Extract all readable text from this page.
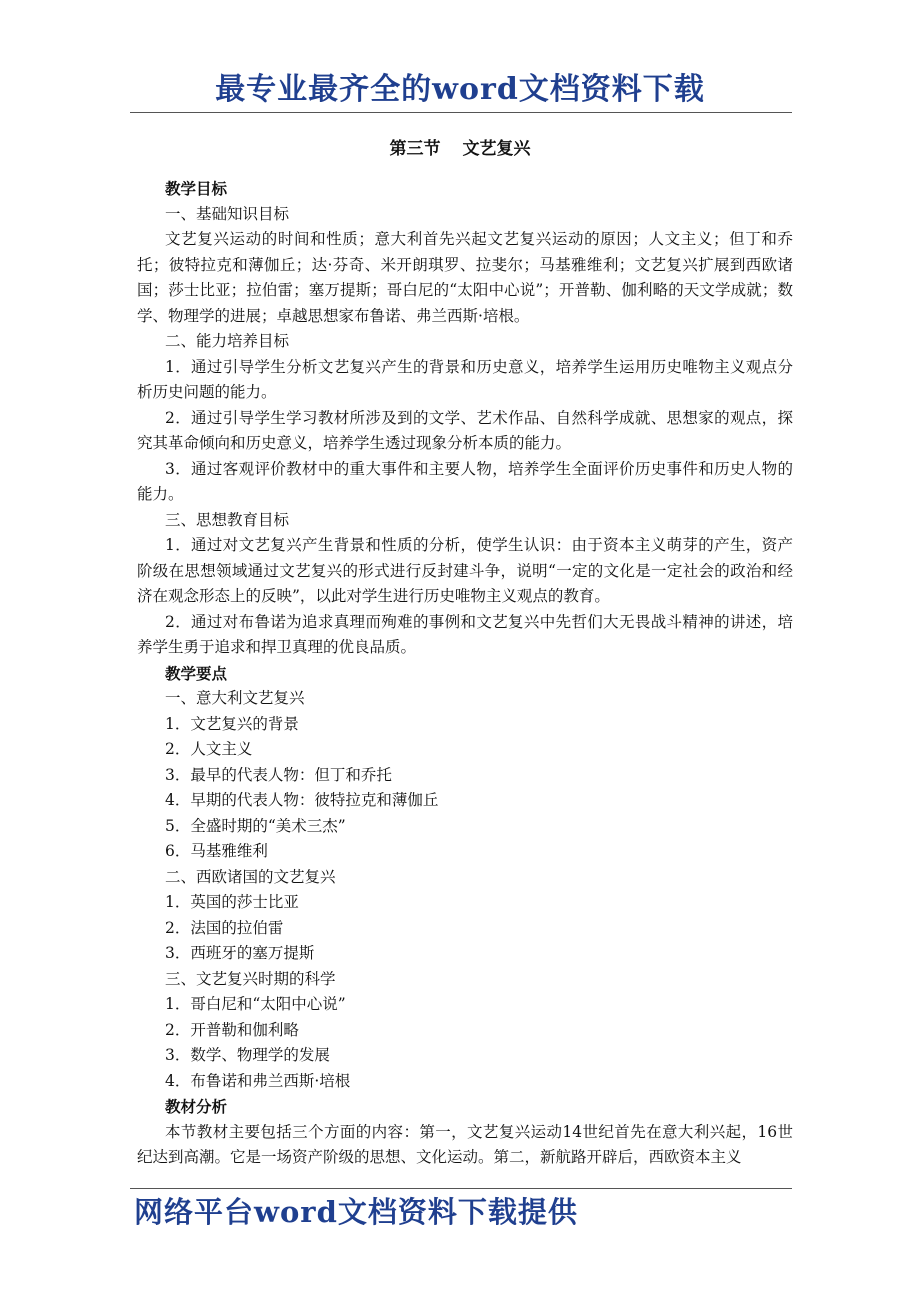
最专业最齐全的word文档资料下载
第三节 文艺复兴

教学目标

一、基础知识目标

文艺复兴运动的时间和性质；意大利首先兴起文艺复兴运动的原因；人文主义；但丁和乔托；彼特拉克和薄伽丘；达·芬奇、米开朗琪罗、拉斐尔；马基雅维利；文艺复兴扩展到西欧诸国；莎士比亚；拉伯雷；塞万提斯；哥白尼的“太阳中心说”；开普勒、伽利略的天文学成就；数学、物理学的进展；卓越思想家布鲁诺、弗兰西斯·培根。

二、能力培养目标

1．通过引导学生分析文艺复兴产生的背景和历史意义，培养学生运用历史唯物主义观点分析历史问题的能力。

2．通过引导学生学习教材所涉及到的文学、艺术作品、自然科学成就、思想家的观点，探究其革命倾向和历史意义，培养学生透过现象分析本质的能力。

3．通过客观评价教材中的重大事件和主要人物，培养学生全面评价历史事件和历史人物的能力。

三、思想教育目标

1．通过对文艺复兴产生背景和性质的分析，使学生认识：由于资本主义萌芽的产生，资产阶级在思想领域通过文艺复兴的形式进行反封建斗争，说明“一定的文化是一定社会的政治和经济在观念形态上的反映”，以此对学生进行历史唯物主义观点的教育。

2．通过对布鲁诺为追求真理而殉难的事例和文艺复兴中先哲们大无畏战斗精神的讲述，培养学生勇于追求和捍卫真理的优良品质。

教学要点

一、意大利文艺复兴

1．文艺复兴的背景

2．人文主义

3．最早的代表人物：但丁和乔托

4．早期的代表人物：彼特拉克和薄伽丘

5．全盛时期的“美术三杰”

6．马基雅维利

二、西欧诸国的文艺复兴

1．英国的莎士比亚

2．法国的拉伯雷

3．西班牙的塞万提斯

三、文艺复兴时期的科学

1．哥白尼和“太阳中心说”

2．开普勒和伽利略

3．数学、物理学的发展

4．布鲁诺和弗兰西斯·培根

教材分析

本节教材主要包括三个方面的内容：第一，文艺复兴运动14世纪首先在意大利兴起，16世纪达到高潮。它是一场资产阶级的思想、文化运动。第二，新航路开辟后，西欧资本主义

网络平台word文档资料下载提供
